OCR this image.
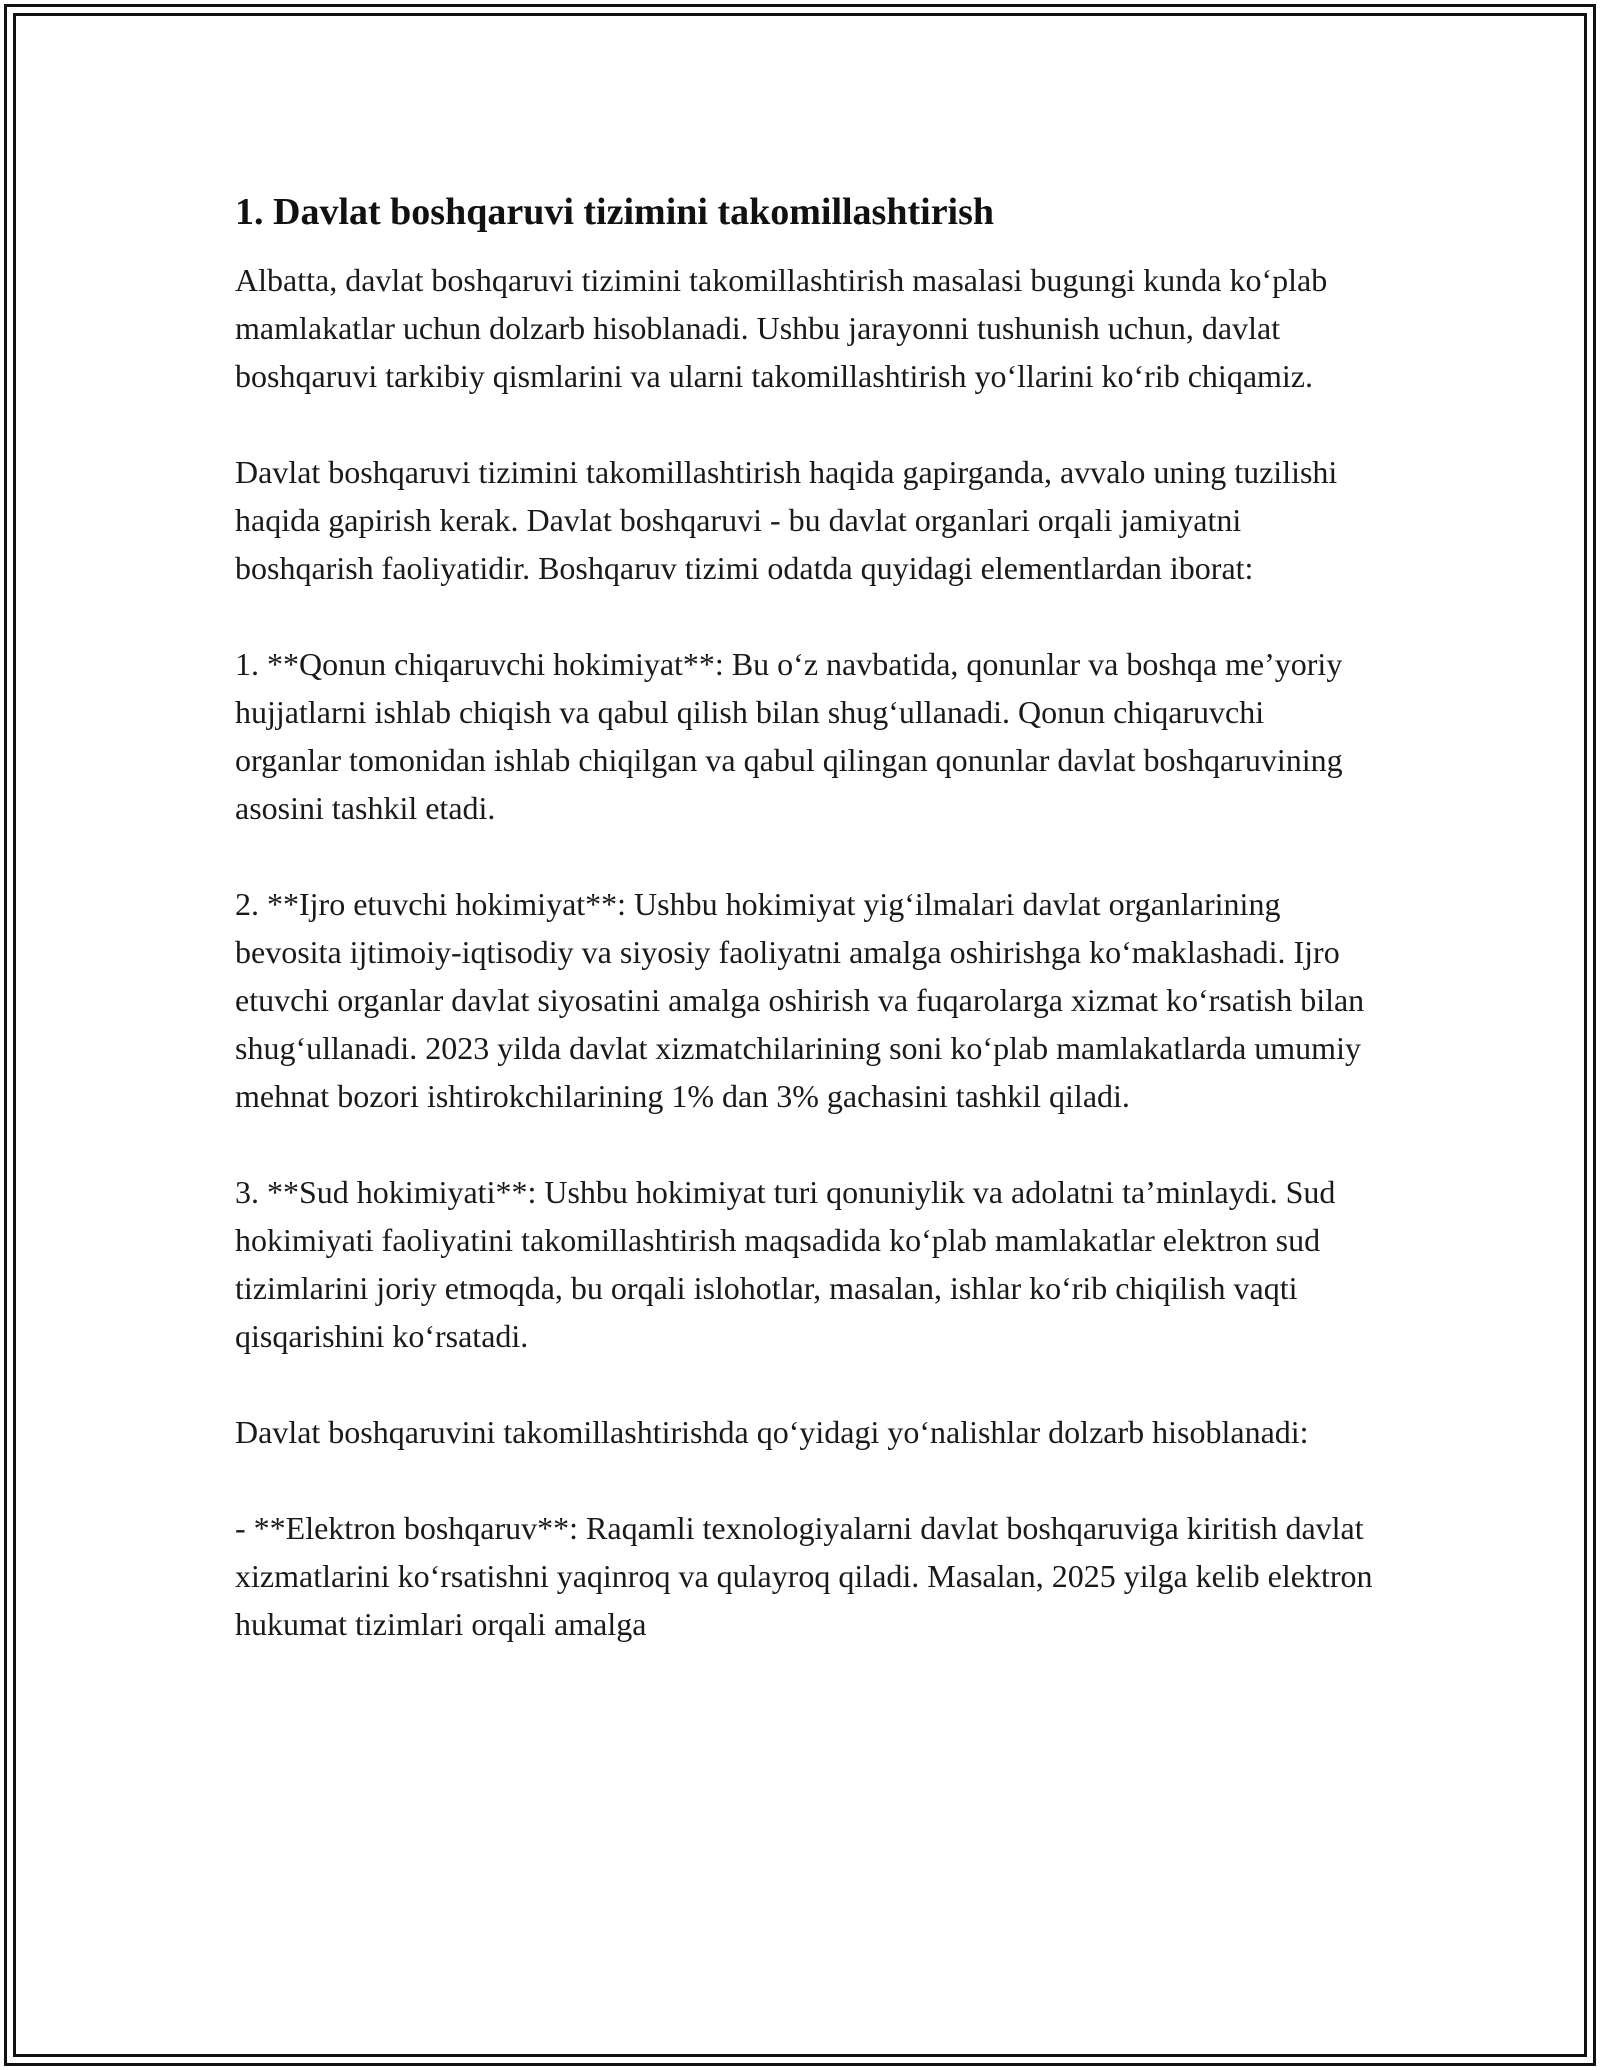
1. Davlat boshqaruvi tizimini takomillashtirish

Albatta, davlat boshqaruvi tizimini takomillashtirish masalasi bugungi kunda ko‘plab mamlakatlar uchun dolzarb hisoblanadi. Ushbu jarayonni tushunish uchun, davlat boshqaruvi tarkibiy qismlarini va ularni takomillashtirish yo‘llarini ko‘rib chiqamiz.

Davlat boshqaruvi tizimini takomillashtirish haqida gapirganda, avvalo uning tuzilishi haqida gapirish kerak. Davlat boshqaruvi - bu davlat organlari orqali jamiyatni boshqarish faoliyatidir. Boshqaruv tizimi odatda quyidagi elementlardan iborat:

1. **Qonun chiqaruvchi hokimiyat**: Bu o‘z navbatida, qonunlar va boshqa me’yoriy hujjatlarni ishlab chiqish va qabul qilish bilan shug‘ullanadi. Qonun chiqaruvchi organlar tomonidan ishlab chiqilgan va qabul qilingan qonunlar davlat boshqaruvining asosini tashkil etadi.

2. **Ijro etuvchi hokimiyat**: Ushbu hokimiyat yig‘ilmalari davlat organlarining bevosita ijtimoiy-iqtisodiy va siyosiy faoliyatni amalga oshirishga ko‘maklashadi. Ijro etuvchi organlar davlat siyosatini amalga oshirish va fuqarolarga xizmat ko‘rsatish bilan shug‘ullanadi. 2023 yilda davlat xizmatchilarining soni ko‘plab mamlakatlarda umumiy mehnat bozori ishtirokchilarining 1% dan 3% gachasini tashkil qiladi.

3. **Sud hokimiyati**: Ushbu hokimiyat turi qonuniylik va adolatni ta’minlaydi. Sud hokimiyati faoliyatini takomillashtirish maqsadida ko‘plab mamlakatlar elektron sud tizimlarini joriy etmoqda, bu orqali islohotlar, masalan, ishlar ko‘rib chiqilish vaqti qisqarishini ko‘rsatadi.

Davlat boshqaruvini takomillashtirishda qo‘yidagi yo‘nalishlar dolzarb hisoblanadi:

- **Elektron boshqaruv**: Raqamli texnologiyalarni davlat boshqaruviga kiritish davlat xizmatlarini ko‘rsatishni yaqinroq va qulayroq qiladi. Masalan, 2025 yilga kelib elektron hukumat tizimlari orqali amalga
